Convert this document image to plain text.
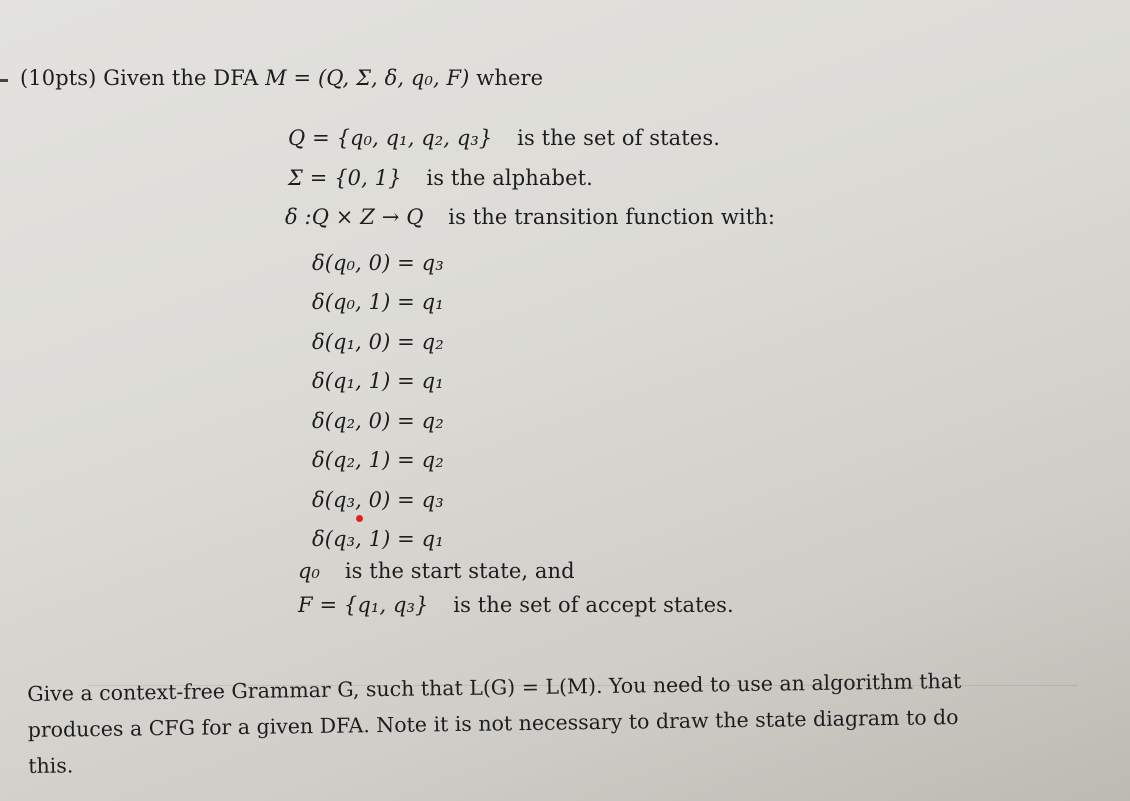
(10pts) Given the DFA M = (Q, Σ, δ, q₀, F) where
Q = {q₀, q₁, q₂, q₃} is the set of states.
Σ = {0, 1} is the alphabet.
δ :Q × Z → Q is the transition function with:
δ(q₀, 0) = q₃
δ(q₀, 1) = q₁
δ(q₁, 0) = q₂
δ(q₁, 1) = q₁
δ(q₂, 0) = q₂
δ(q₂, 1) = q₂
δ(q₃, 0) = q₃
δ(q₃, 1) = q₁
q₀ is the start state, and
F = {q₁, q₃} is the set of accept states.
Give a context-free Grammar G, such that L(G) = L(M). You need to use an algorithm that
produces a CFG for a given DFA. Note it is not necessary to draw the state diagram to do
this.
